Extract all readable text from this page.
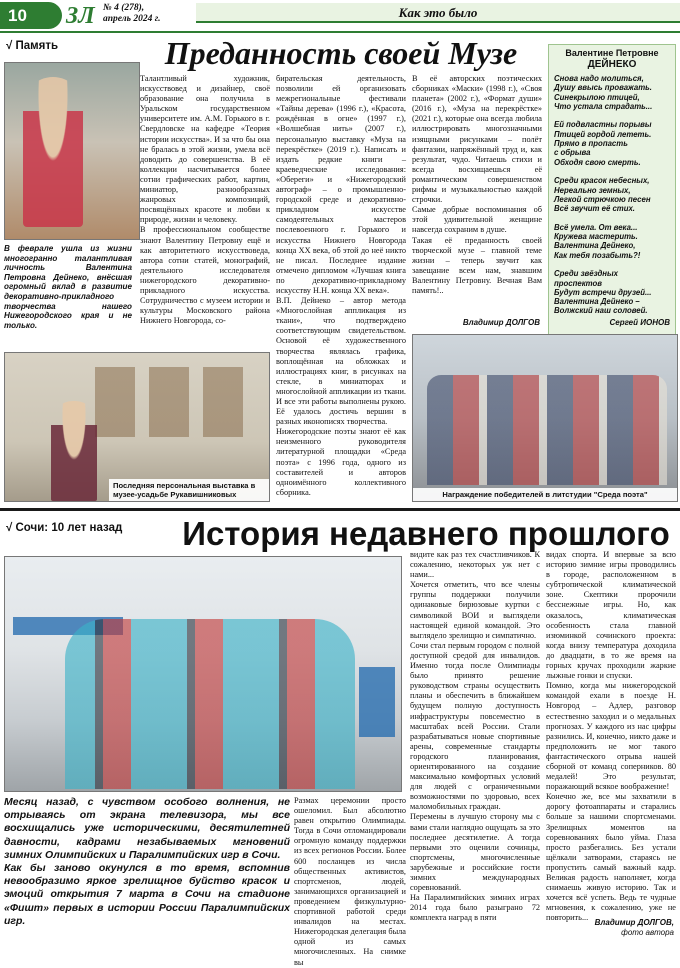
10	ЗЛ № 4 (278),
апрель 2024 г.	Как это было
√ Память	Преданность своей Музе
В феврале ушла из жизни многогранно талантливая личность Валентина Петровна Дейнеко, внёсшая огромный вклад в развитие декоративно-прикладного творчества нашего Нижегородского края и не только.
Талантливый художник, искусствовед и дизайнер, своё образование она получила в Уральском государственном университете им. А.М. Горького в г. Свердловске на кафедре «Теория истории искусства». И за что бы она не бралась в этой жизни, умела всё доводить до совершенства. В её коллекции насчитывается более сотни графических работ, картин, миниатюр, разнообразных жанровых композиций, посвящённых красоте и любви к природе, жизни и человеку.
В профессиональном сообществе знают Валентину Петровну ещё и как авторитетного искусствоведа, автора сотни статей, монографий, деятельного исследователя нижегородского декоративно-прикладного искусства. Сотрудничество с музеем истории и культуры Московского района Нижнего Новгорода, со-
бирательская деятельность, позволили ей организовать межрегиональные фестивали «Тайны дерева» (1996 г.), «Красота, рождённая в огне» (1997 г.), «Волшебная нить» (2007 г.), персональную выставку «Муза на перекрёстке» (2019 г.). Написать и издать редкие книги – краеведческие исследования: «Обереги» и «Нижегородский автограф» – о промышленно-городской среде и декоративно-прикладном искусстве самодеятельных мастеров послевоенного г. Горького и искусства Нижнего Новгорода конца XX века, об этой до неё никто не писал. Последнее издание отмечено дипломом «Лучшая книга по декоративно-прикладному искусству Н.Н. конца XX века».
В.П. Дейнеко – автор метода «Многослойная аппликация из ткани», что подтверждено соответствующим свидетельством. Основой её художественного творчества являлась графика, воплощённая на обложках и иллюстрациях книг, в рисунках на стекле, в миниатюрах и многослойной аппликации из ткани. И все эти работы выполнены рукою. Её удалось достичь вершин в разных иконописях творчества.
Нижегородские поэты знают её как неизменного руководителя литературной площадки «Среда поэта» с 1996 года, одного из составителей и авторов одноимённого коллективного сборника.
В её авторских поэтических сборниках «Маски» (1998 г.), «Своя планета» (2002 г.), «Формат души» (2016 г.), «Муза на перекрёстке» (2021 г.), которые она всегда любила иллюстрировать многозначными изящными рисунками – полёт фантазии, напряжённый труд и, как результат, чудо. Читаешь стихи и всегда восхищаешься её романтическим совершенством рифмы и музыкальностью каждой строчки.
Самые добрые воспоминания об этой удивительной женщине навсегда сохраним в душе.
Такая её преданность своей творческой музе – главной теме жизни – теперь звучит как завещание всем нам, знавшим Валентину Петровну. Вечная Вам память!..
Владимир ДОЛГОВ
Валентине Петровне
ДЕЙНЕКО
Снова надо молиться,
Душу ввысь проважать.
Синекрылою птицей,
Что устала страдать...

Ей подвластны порывы
Птицей гордой лететь.
Прямо в пропасть
с обрыва
Обходя свою смерть.

Среди красок небесных,
Нереально земных,
Легкой стрючкою песен
Всё звучит её стих.

Всё умела. От века...
Кружева мастерить.
Валентина Дейнеко,
Как тебя позабыть?!

Среди звёздных
проспектов
Будут встречи друзей...
Валентина Дейнеко –
Волжский наш соловей.
Сергей ИОНОВ
Последняя персональная выставка в музее-усадьбе Рукавишниковых	Награждение победителей в литстудии "Среда поэта"
√ Сочи: 10 лет назад	История недавнего прошлого
Месяц назад, с чувством особого волнения, не отрываясь от экрана телевизора, мы все восхищались уже историческими, десятилетней давности, кадрами незабываемых мгновений зимних Олимпийских и Паралимпийских игр в Сочи.
Как бы заново окунулся в то время, вспомнив невообразимо яркое зрелищное буйство красок и эмоций открытия 7 марта в Сочи на стадионе «Фишт» первых в истории России Паралимпийских игр.
Размах церемонии просто ошеломил. Был абсолютно равен открытию Олимпиады. Тогда в Сочи отломандировали огромную команду поддержки из всех регионов России. Более 600 посланцев из числа общественных активистов, спортсменов, людей, занимающихся организацией и проведением физкультурно-спортивной работой среди инвалидов на местах. Нижегородская делегация была одной из самых многочисленных. На снимке вы
видите как раз тех счастливчиков. К сожалению, некоторых уж нет с нами...
Хочется отметить, что все члены группы поддержки получили одинаковые бирюзовые куртки с символикой ВОИ и выглядели настоящей единой командой. Это выглядело зрелищно и симпатично.
Сочи стал первым городом с полной доступной средой для инвалидов. Именно тогда после Олимпиады было принято решение руководством страны осуществить планы и обеспечить в ближайшем будущем полную доступность инфраструктуры повсеместно в масштабах всей России. Стали разрабатываться новые спортивные арены, современные стандарты городского планирования, ориентированного на создание максимально комфортных условий для людей с ограниченными возможностями по здоровью, всех маломобильных граждан.
Перемены в лучшую сторону мы с вами стали наглядно ощущать за это последнее десятилетие. А тогда первыми это оценили сочинцы, спортсмены, многочисленные зарубежные и российские гости зимних международных соревнований.
На Паралимпийских зимних играх 2014 года было разыграно 72 комплекта наград в пяти
видах спорта. И впервые за всю историю зимние игры проводились в городе, расположенном в субтропической климатической зоне. Скептики пророчили бесснежные игры. Но, как оказалось, климатическая особенность стала главной изюминкой сочинского проекта: когда внизу температура доходила до двадцати, в то же время на горных кручах проходили жаркие лыжные гонки и спуски.
Помню, когда мы нижегородской командой ехали в поезде Н. Новгород – Адлер, разговор естественно заходил и о медальных прогнозах. У каждого из нас цифры разнились. И, конечно, никто даже и предположить не мог такого фантастического отрыва нашей сборной от команд соперников. 80 медалей! Это результат, поражающий всякое воображение!
Конечно же, все мы захватили в дорогу фотоаппараты и старались больше за нашими спортсменами. Зрелищных моментов на соревнованиях было уйма. Глаза просто разбегались. Без устали щёлкали затворами, стараясь не пропустить самый важный кадр. Великая радость наполняет, когда снимаешь живую историю. Так и хочется всё успеть. Ведь те чудные мгновения, к сожалению, уже не повторить...
Владимир ДОЛГОВ,
фото автора
